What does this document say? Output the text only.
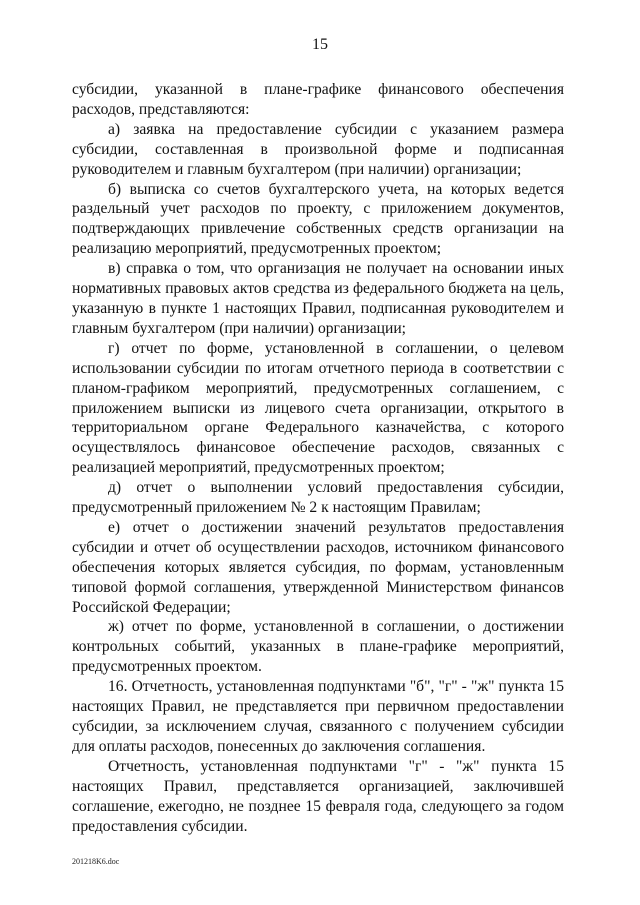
15

субсидии, указанной в плане-графике финансового обеспечения расходов, представляются:

а) заявка на предоставление субсидии с указанием размера субсидии, составленная в произвольной форме и подписанная руководителем и главным бухгалтером (при наличии) организации;

б) выписка со счетов бухгалтерского учета, на которых ведется раздельный учет расходов по проекту, с приложением документов, подтверждающих привлечение собственных средств организации на реализацию мероприятий, предусмотренных проектом;

в) справка о том, что организация не получает на основании иных нормативных правовых актов средства из федерального бюджета на цель, указанную в пункте 1 настоящих Правил, подписанная руководителем и главным бухгалтером (при наличии) организации;

г) отчет по форме, установленной в соглашении, о целевом использовании субсидии по итогам отчетного периода в соответствии с планом-графиком мероприятий, предусмотренных соглашением, с приложением выписки из лицевого счета организации, открытого в территориальном органе Федерального казначейства, с которого осуществлялось финансовое обеспечение расходов, связанных с реализацией мероприятий, предусмотренных проектом;

д) отчет о выполнении условий предоставления субсидии, предусмотренный приложением № 2 к настоящим Правилам;

е) отчет о достижении значений результатов предоставления субсидии и отчет об осуществлении расходов, источником финансового обеспечения которых является субсидия, по формам, установленным типовой формой соглашения, утвержденной Министерством финансов Российской Федерации;

ж) отчет по форме, установленной в соглашении, о достижении контрольных событий, указанных в плане-графике мероприятий, предусмотренных проектом.

16. Отчетность, установленная подпунктами "б", "г" - "ж" пункта 15 настоящих Правил, не представляется при первичном предоставлении субсидии, за исключением случая, связанного с получением субсидии для оплаты расходов, понесенных до заключения соглашения.

Отчетность, установленная подпунктами "г" - "ж" пункта 15 настоящих Правил, представляется организацией, заключившей соглашение, ежегодно, не позднее 15 февраля года, следующего за годом предоставления субсидии.

201218K6.doc
